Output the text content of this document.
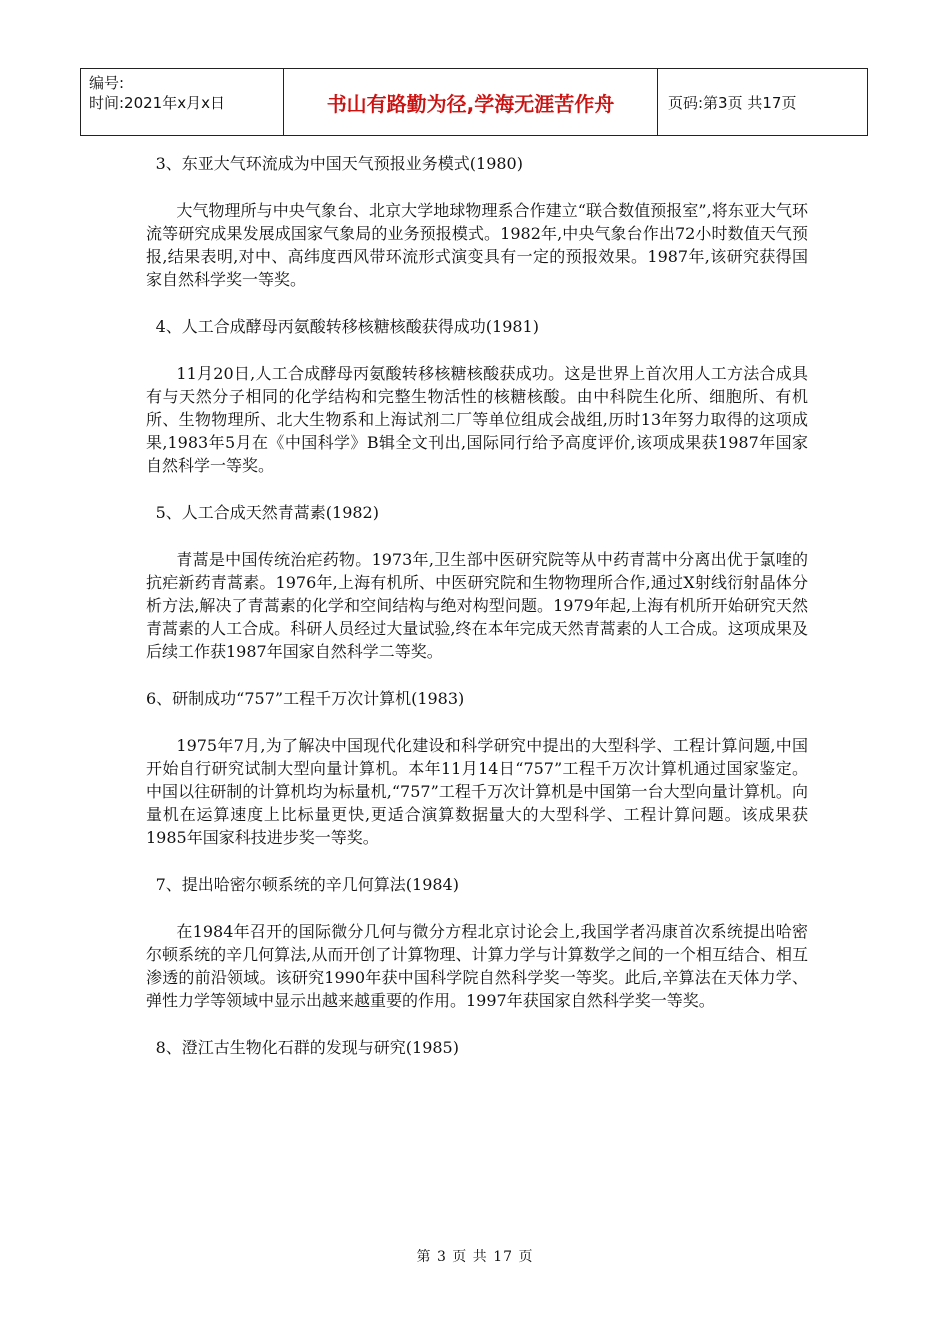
编号:
时间:2021年x月x日	书山有路勤为径,学海无涯苦作舟	页码:第3页 共17页

3、东亚大气环流成为中国天气预报业务模式(1980)

大气物理所与中央气象台、北京大学地球物理系合作建立“联合数值预报室”,将东亚大气环流等研究成果发展成国家气象局的业务预报模式。1982年,中央气象台作出72小时数值天气预报,结果表明,对中、高纬度西风带环流形式演变具有一定的预报效果。1987年,该研究获得国家自然科学奖一等奖。

4、人工合成酵母丙氨酸转移核糖核酸获得成功(1981)

11月20日,人工合成酵母丙氨酸转移核糖核酸获成功。这是世界上首次用人工方法合成具有与天然分子相同的化学结构和完整生物活性的核糖核酸。由中科院生化所、细胞所、有机所、生物物理所、北大生物系和上海试剂二厂等单位组成会战组,历时13年努力取得的这项成果,1983年5月在《中国科学》B辑全文刊出,国际同行给予高度评价,该项成果获1987年国家自然科学一等奖。

5、人工合成天然青蒿素(1982)

青蒿是中国传统治疟药物。1973年,卫生部中医研究院等从中药青蒿中分离出优于氯喹的抗疟新药青蒿素。1976年,上海有机所、中医研究院和生物物理所合作,通过X射线衍射晶体分析方法,解决了青蒿素的化学和空间结构与绝对构型问题。1979年起,上海有机所开始研究天然青蒿素的人工合成。科研人员经过大量试验,终在本年完成天然青蒿素的人工合成。这项成果及后续工作获1987年国家自然科学二等奖。

6、研制成功“757”工程千万次计算机(1983)

1975年7月,为了解决中国现代化建设和科学研究中提出的大型科学、工程计算问题,中国开始自行研究试制大型向量计算机。本年11月14日“757”工程千万次计算机通过国家鉴定。中国以往研制的计算机均为标量机,“757”工程千万次计算机是中国第一台大型向量计算机。向量机在运算速度上比标量更快,更适合演算数据量大的大型科学、工程计算问题。该成果获1985年国家科技进步奖一等奖。

7、提出哈密尔顿系统的辛几何算法(1984)

在1984年召开的国际微分几何与微分方程北京讨论会上,我国学者冯康首次系统提出哈密尔顿系统的辛几何算法,从而开创了计算物理、计算力学与计算数学之间的一个相互结合、相互渗透的前沿领域。该研究1990年获中国科学院自然科学奖一等奖。此后,辛算法在天体力学、弹性力学等领域中显示出越来越重要的作用。1997年获国家自然科学奖一等奖。

8、澄江古生物化石群的发现与研究(1985)

第 3 页 共 17 页
